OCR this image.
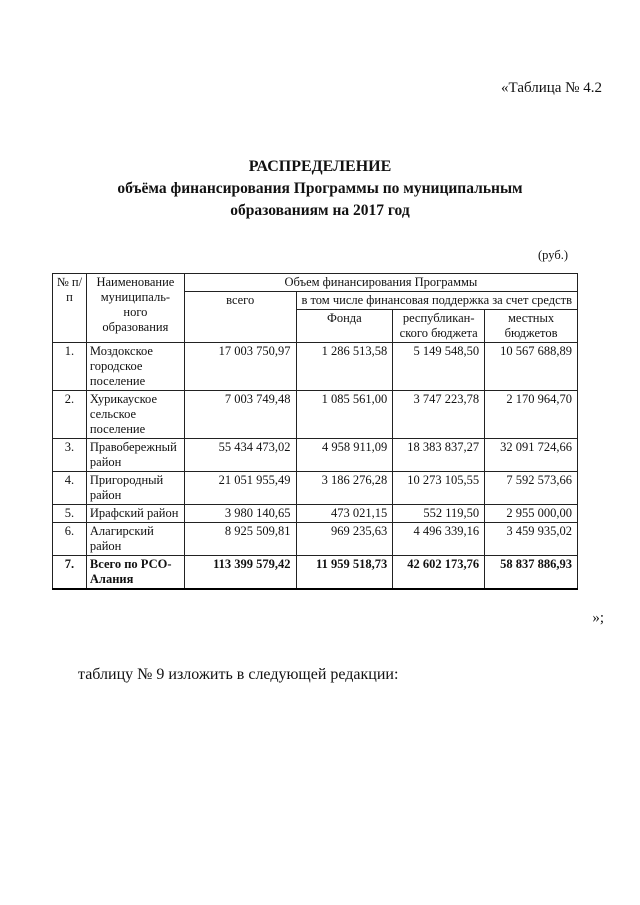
«Таблица № 4.2
РАСПРЕДЕЛЕНИЕ
объёма финансирования Программы по муниципальным
образованиям на 2017 год
(руб.)
№ п/п	Наименование муниципаль-ного образования	Объем финансирования Программы			
		всего	в том числе финансовая поддержка за счет средств		
			Фонда	республикан-ского бюджета	местных бюджетов
1.	Моздокское городское поселение	17 003 750,97	1 286 513,58	5 149 548,50	10 567 688,89
2.	Хурикауское сельское поселение	7 003 749,48	1 085 561,00	3 747 223,78	2 170 964,70
3.	Правобережный район	55 434 473,02	4 958 911,09	18 383 837,27	32 091 724,66
4.	Пригородный район	21 051 955,49	3 186 276,28	10 273 105,55	7 592 573,66
5.	Ирафский район	3 980 140,65	473 021,15	552 119,50	2 955 000,00
6.	Алагирский район	8 925 509,81	969 235,63	4 496 339,16	3 459 935,02
7.	Всего по РСО-Алания	113 399 579,42	11 959 518,73	42 602 173,76	58 837 886,93
»;
таблицу № 9 изложить в следующей редакции:
